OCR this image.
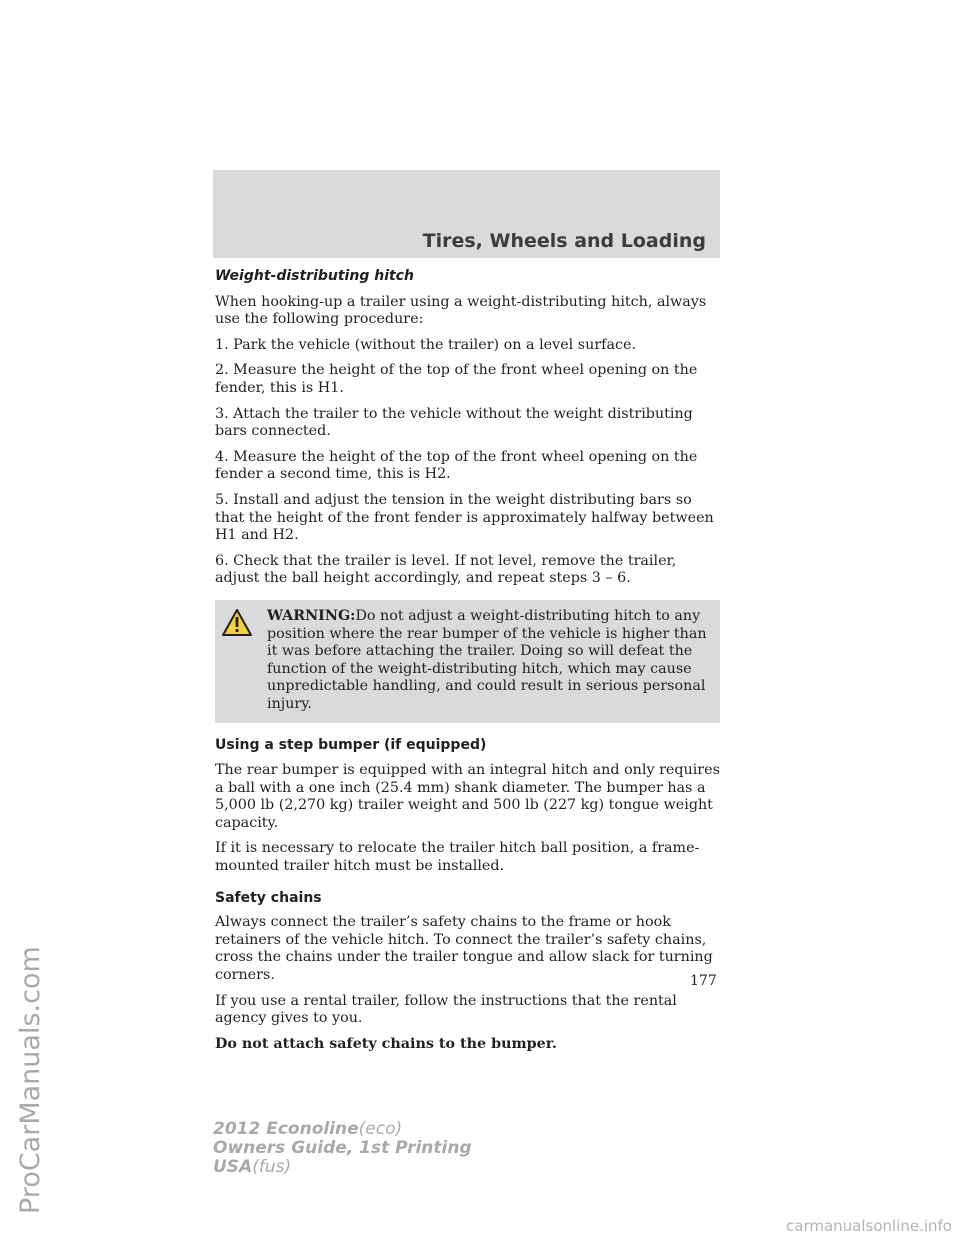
ProCarManuals.com
Tires, Wheels and Loading
Weight-distributing hitch

When hooking-up a trailer using a weight-distributing hitch, always use the following procedure:

1. Park the vehicle (without the trailer) on a level surface.

2. Measure the height of the top of the front wheel opening on the fender, this is H1.

3. Attach the trailer to the vehicle without the weight distributing bars connected.

4. Measure the height of the top of the front wheel opening on the fender a second time, this is H2.

5. Install and adjust the tension in the weight distributing bars so that the height of the front fender is approximately halfway between H1 and H2.

6. Check that the trailer is level. If not level, remove the trailer, adjust the ball height accordingly, and repeat steps 3 – 6.

WARNING:Do not adjust a weight-distributing hitch to any position where the rear bumper of the vehicle is higher than it was before attaching the trailer. Doing so will defeat the function of the weight-distributing hitch, which may cause unpredictable handling, and could result in serious personal injury.
Using a step bumper (if equipped)

The rear bumper is equipped with an integral hitch and only requires a ball with a one inch (25.4 mm) shank diameter. The bumper has a 5,000 lb (2,270 kg) trailer weight and 500 lb (227 kg) tongue weight capacity.

If it is necessary to relocate the trailer hitch ball position, a frame-mounted trailer hitch must be installed.

Safety chains

Always connect the trailer’s safety chains to the frame or hook retainers of the vehicle hitch. To connect the trailer’s safety chains, cross the chains under the trailer tongue and allow slack for turning corners.

If you use a rental trailer, follow the instructions that the rental agency gives to you.

Do not attach safety chains to the bumper.

177
2012 Econoline(eco)
Owners Guide, 1st Printing
USA(fus)
carmanualsonline.info
